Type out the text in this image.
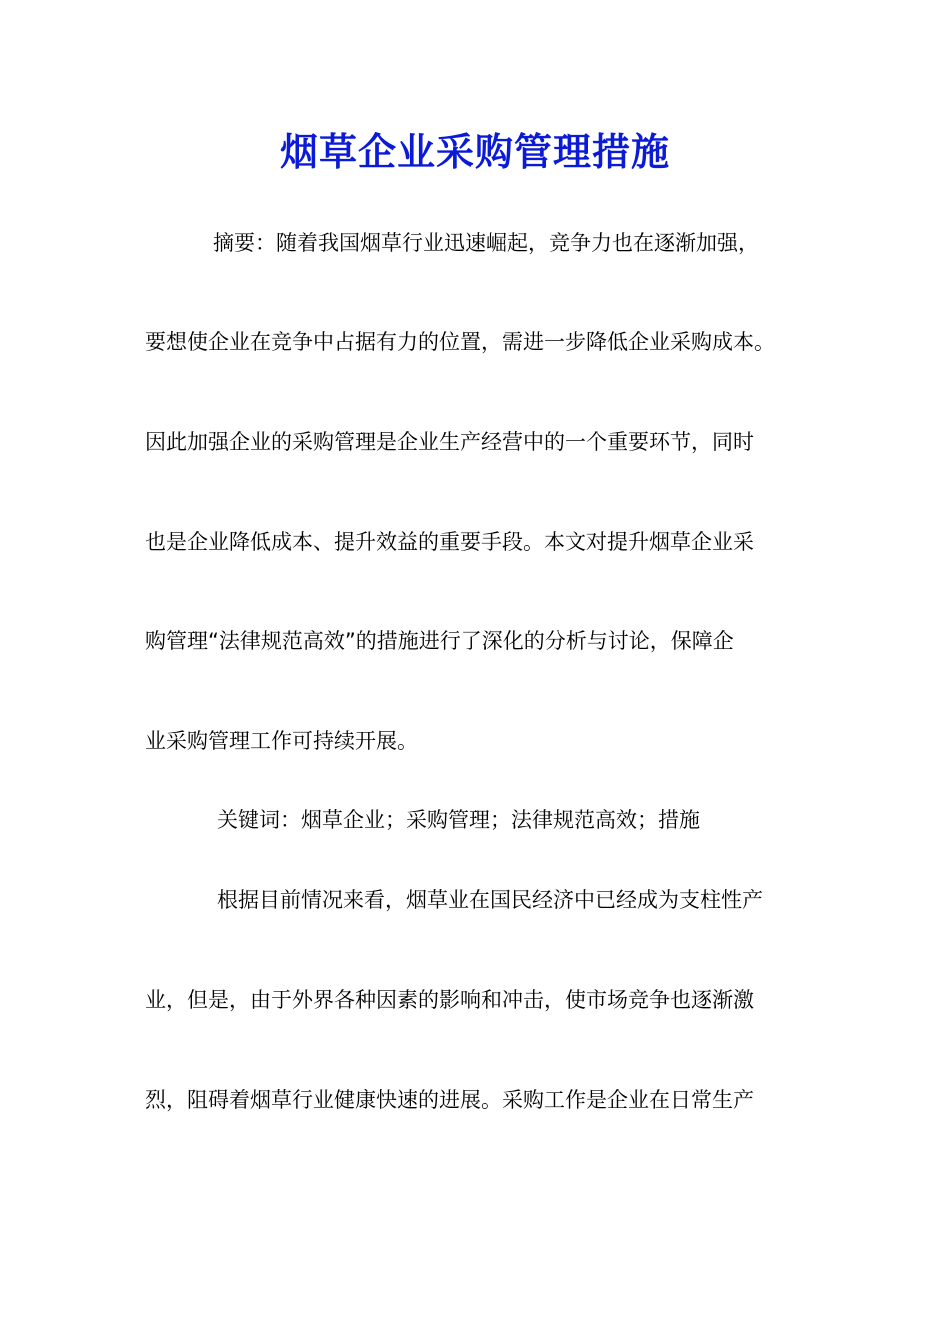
烟草企业采购管理措施
摘要：随着我国烟草行业迅速崛起，竞争力也在逐渐加强，
要想使企业在竞争中占据有力的位置，需进一步降低企业采购成本。
因此加强企业的采购管理是企业生产经营中的一个重要环节，同时
也是企业降低成本、提升效益的重要手段。本文对提升烟草企业采
购管理“法律规范高效”的措施进行了深化的分析与讨论，保障企
业采购管理工作可持续开展。
关键词：烟草企业；采购管理；法律规范高效；措施
根据目前情况来看，烟草业在国民经济中已经成为支柱性产
业，但是，由于外界各种因素的影响和冲击，使市场竞争也逐渐激
烈，阻碍着烟草行业健康快速的进展。采购工作是企业在日常生产
